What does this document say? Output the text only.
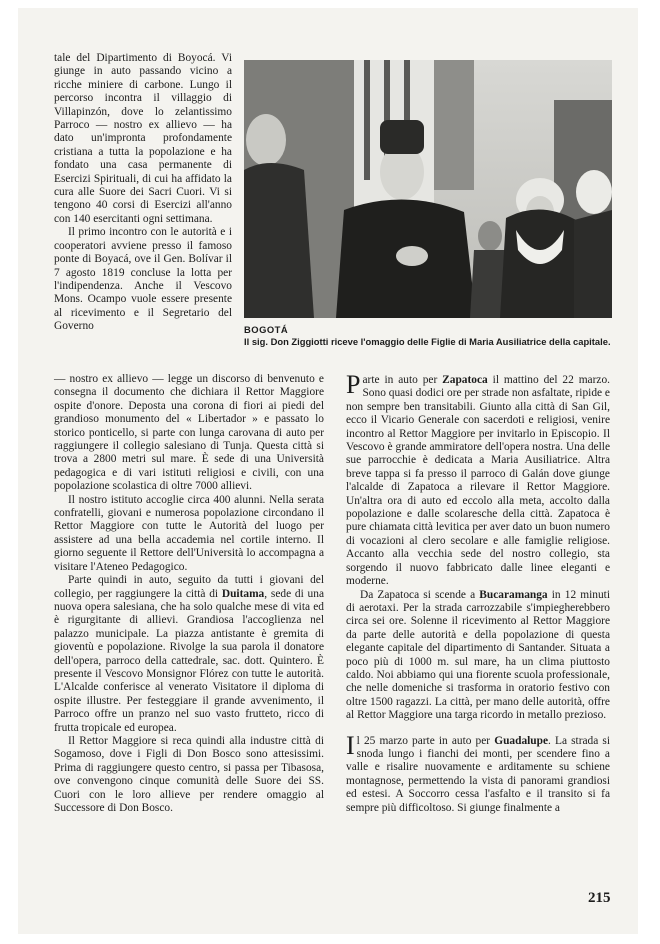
tale del Dipartimento di Boyocá. Vi giunge in auto passando vicino a ricche miniere di carbone. Lungo il percorso incontra il villaggio di Villapinzón, dove lo zelantissimo Parroco — nostro ex allievo — ha dato un'impronta profondamente cristiana a tutta la popolazione e ha fondato una casa permanente di Esercizi Spirituali, di cui ha affidato la cura alle Suore dei Sacri Cuori. Vi si tengono 40 corsi di Esercizi all'anno con 140 esercitanti ogni settimana.

Il primo incontro con le autorità e i cooperatori avviene presso il famoso ponte di Boyacá, ove il Gen. Bolívar il 7 agosto 1819 concluse la lotta per l'indipendenza. Anche il Vescovo Mons. Ocampo vuole essere presente al ricevimento e il Segretario del Governo	BOGOTÁ
Il sig. Don Ziggiotti riceve l'omaggio delle Figlie di Maria Ausiliatrice della capitale.

— nostro ex allievo — legge un discorso di benvenuto e consegna il documento che dichiara il Rettor Maggiore ospite d'onore. Deposta una corona di fiori ai piedi del grandioso monumento del « Libertador » e passato lo storico ponticello, si parte con lunga carovana di auto per raggiungere il collegio salesiano di Tunja. Questa città si trova a 2800 metri sul mare. È sede di una Università pedagogica e di vari istituti religiosi e civili, con una popolazione scolastica di oltre 7000 allievi.

Il nostro istituto accoglie circa 400 alunni. Nella serata confratelli, giovani e numerosa popolazione circondano il Rettor Maggiore con tutte le Autorità del luogo per assistere ad una bella accademia nel cortile interno. Il giorno seguente il Rettore dell'Università lo accompagna a visitare l'Ateneo Pedagogico.

Parte quindi in auto, seguito da tutti i giovani del collegio, per raggiungere la città di Duitama, sede di una nuova opera salesiana, che ha solo qualche mese di vita ed è rigurgitante di allievi. Grandiosa l'accoglienza nel palazzo municipale. La piazza antistante è gremita di gioventù e popolazione. Rivolge la sua parola il donatore dell'opera, parroco della cattedrale, sac. dott. Quintero. È presente il Vescovo Monsignor Flórez con tutte le autorità. L'Alcalde conferisce al venerato Visitatore il diploma di ospite illustre. Per festeggiare il grande avvenimento, il Parroco offre un pranzo nel suo vasto frutteto, ricco di frutta tropicale ed europea.

Il Rettor Maggiore si reca quindi alla industre città di Sogamoso, dove i Figli di Don Bosco sono attesissimi. Prima di raggiungere questo centro, si passa per Tibasosa, ove convengono cinque comunità delle Suore dei SS. Cuori con le loro allieve per rendere omaggio al Successore di Don Bosco.

Parte in auto per Zapatoca il mattino del 22 marzo. Sono quasi dodici ore per strade non asfaltate, ripide e non sempre ben transitabili. Giunto alla città di San Gil, ecco il Vicario Generale con sacerdoti e religiosi, venire incontro al Rettor Maggiore per invitarlo in Episcopio. Il Vescovo è grande ammiratore dell'opera nostra. Una delle sue parrocchie è dedicata a Maria Ausiliatrice. Altra breve tappa si fa presso il parroco di Galán dove giunge l'alcalde di Zapatoca a rilevare il Rettor Maggiore. Un'altra ora di auto ed eccolo alla meta, accolto dalla popolazione e dalle scolaresche della città. Zapatoca è pure chiamata città levitica per aver dato un buon numero di vocazioni al clero secolare e alle famiglie religiose. Accanto alla vecchia sede del nostro collegio, sta sorgendo il nuovo fabbricato dalle linee eleganti e moderne.

Da Zapatoca si scende a Bucaramanga in 12 minuti di aerotaxi. Per la strada carrozzabile s'impiegherebbero circa sei ore. Solenne il ricevimento al Rettor Maggiore da parte delle autorità e della popolazione di questa elegante capitale del dipartimento di Santander. Situata a poco più di 1000 m. sul mare, ha un clima piuttosto caldo. Noi abbiamo qui una fiorente scuola professionale, che nelle domeniche si trasforma in oratorio festivo con oltre 1500 ragazzi. La città, per mano delle autorità, offre al Rettor Maggiore una targa ricordo in metallo prezioso.

Il 25 marzo parte in auto per Guadalupe. La strada si snoda lungo i fianchi dei monti, per scendere fino a valle e risalire nuovamente e arditamente su schiene montagnose, permettendo la vista di panorami grandiosi ed estesi. A Soccorro cessa l'asfalto e il transito si fa sempre più difficoltoso. Si giunge finalmente a

215
